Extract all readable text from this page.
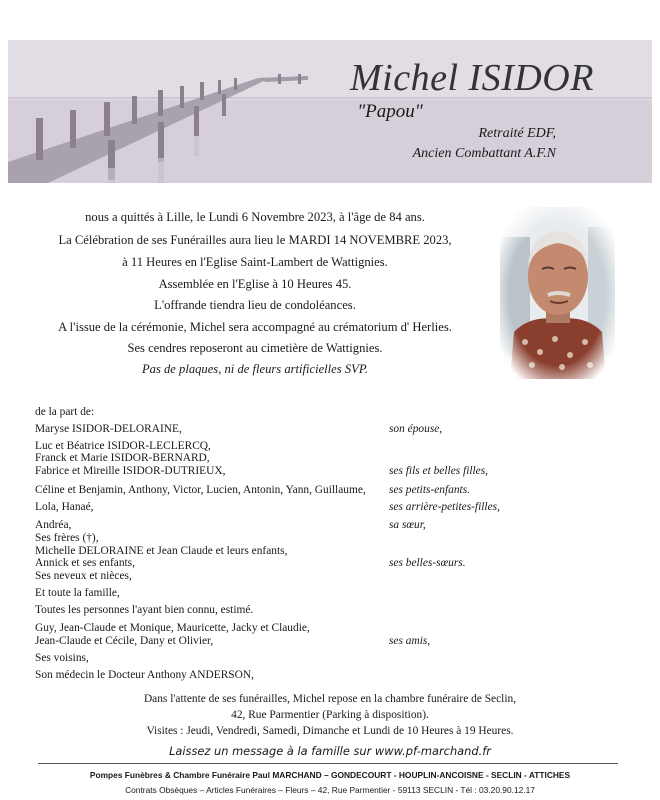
Michel ISIDOR
"Papou"
Retraité EDF,
Ancien Combattant A.F.N
nous a quittés à Lille, le Lundi 6 Novembre 2023, à l'âge de 84 ans.
La Célébration de ses Funérailles aura lieu le MARDI 14 NOVEMBRE 2023,
à 11 Heures en l'Eglise Saint-Lambert de Wattignies.
Assemblée en l'Eglise à 10 Heures 45.
L'offrande tiendra lieu de condoléances.
A l'issue de la cérémonie, Michel sera accompagné au crématorium d' Herlies.
Ses cendres reposeront au cimetière de Wattignies.
Pas de plaques, ni de fleurs artificielles SVP.
de la part de:
Maryse ISIDOR-DELORAINE,
Luc et Béatrice ISIDOR-LECLERCQ,
Franck et Marie ISIDOR-BERNARD,
Fabrice et Mireille ISIDOR-DUTRIEUX,
Céline et Benjamin, Anthony, Victor, Lucien, Antonin, Yann, Guillaume,
Lola, Hanaé,
Andréa,
Ses frères (†),
Michelle DELORAINE et Jean Claude et leurs enfants,
Annick et ses enfants,
Ses neveux et nièces,
Et toute la famille,
Toutes les personnes l'ayant bien connu, estimé.
Guy, Jean-Claude et Monique, Mauricette, Jacky et Claudie,
Jean-Claude et Cécile, Dany et Olivier,
Ses voisins,
Son médecin le Docteur Anthony ANDERSON,
son épouse,
ses fils et belles filles,
ses petits-enfants.
ses arrière-petites-filles,
sa sœur,
ses belles-sœurs.
ses amis,
Dans l'attente de ses funérailles, Michel repose en la chambre funéraire de Seclin,
42, Rue Parmentier (Parking à disposition).
Visites : Jeudi, Vendredi, Samedi, Dimanche et Lundi de 10 Heures à 19 Heures.
Laissez un message à la famille sur www.pf-marchand.fr
Pompes Funèbres & Chambre Funéraire Paul MARCHAND – GONDECOURT - HOUPLIN-ANCOISNE - SECLIN - ATTICHES
Contrats Obsèques – Articles Funéraires – Fleurs – 42, Rue Parmentier - 59113 SECLIN - Tél : 03.20.90.12.17
